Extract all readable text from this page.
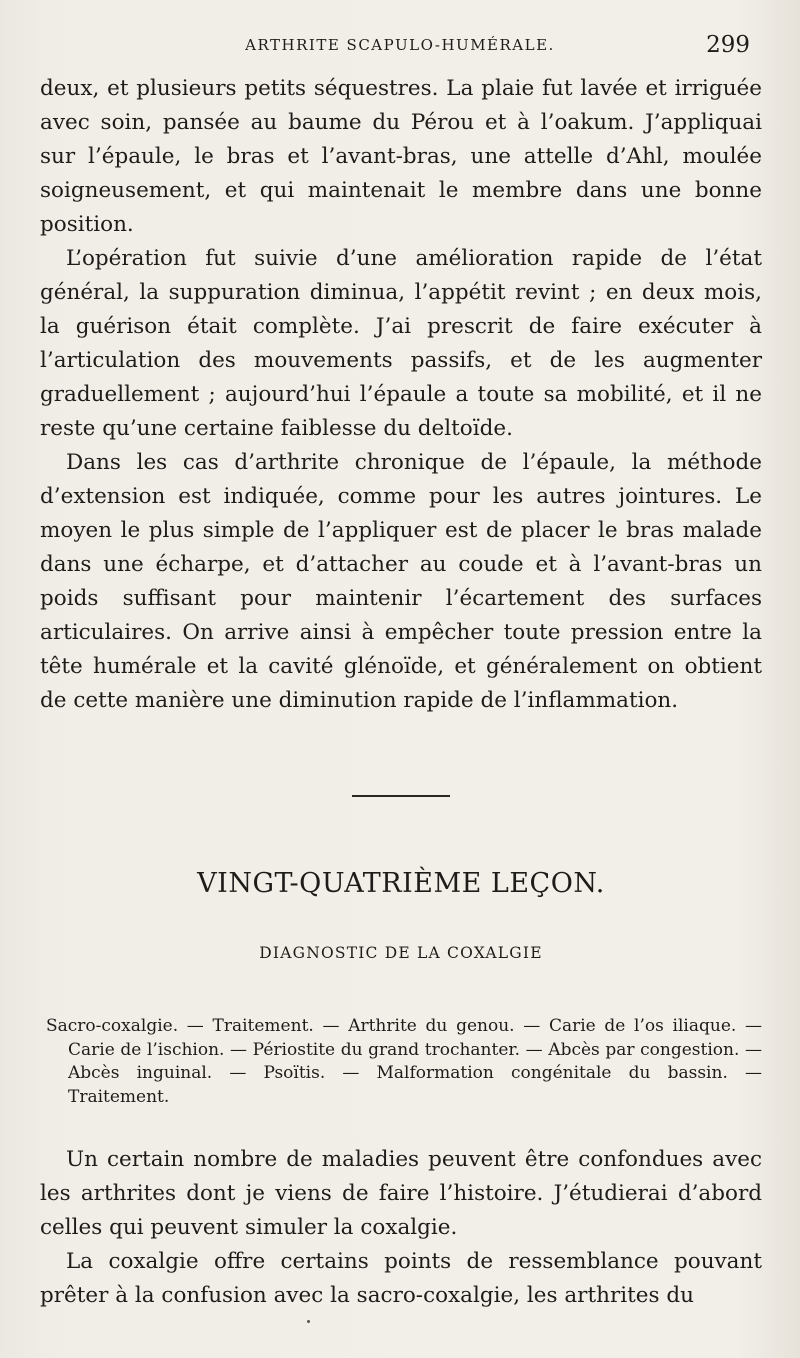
ARTHRITE SCAPULO-HUMÉRALE.	299

deux, et plusieurs petits séquestres. La plaie fut lavée et irriguée avec soin, pansée au baume du Pérou et à l’oakum. J’appliquai sur l’épaule, le bras et l’avant-bras, une attelle d’Ahl, moulée soigneusement, et qui maintenait le membre dans une bonne position.

L’opération fut suivie d’une amélioration rapide de l’état général, la suppuration diminua, l’appétit revint ; en deux mois, la guérison était complète. J’ai prescrit de faire exécuter à l’articulation des mouvements passifs, et de les augmenter graduellement ; aujourd’hui l’épaule a toute sa mobilité, et il ne reste qu’une certaine faiblesse du deltoïde.

Dans les cas d’arthrite chronique de l’épaule, la méthode d’extension est indiquée, comme pour les autres jointures. Le moyen le plus simple de l’appliquer est de placer le bras malade dans une écharpe, et d’attacher au coude et à l’avant-bras un poids suffisant pour maintenir l’écartement des surfaces articulaires. On arrive ainsi à empêcher toute pression entre la tête humérale et la cavité glénoïde, et généralement on obtient de cette manière une diminution rapide de l’inflammation.

VINGT-QUATRIÈME LEÇON.
DIAGNOSTIC DE LA COXALGIE
Sacro-coxalgie. — Traitement. — Arthrite du genou. — Carie de l’os iliaque. — Carie de l’ischion. — Périostite du grand trochanter. — Abcès par congestion. — Abcès inguinal. — Psoïtis. — Malformation congénitale du bassin. — Traitement.

Un certain nombre de maladies peuvent être confondues avec les arthrites dont je viens de faire l’histoire. J’étudierai d’abord celles qui peuvent simuler la coxalgie.

La coxalgie offre certains points de ressemblance pouvant prêter à la confusion avec la sacro-coxalgie, les arthrites du
